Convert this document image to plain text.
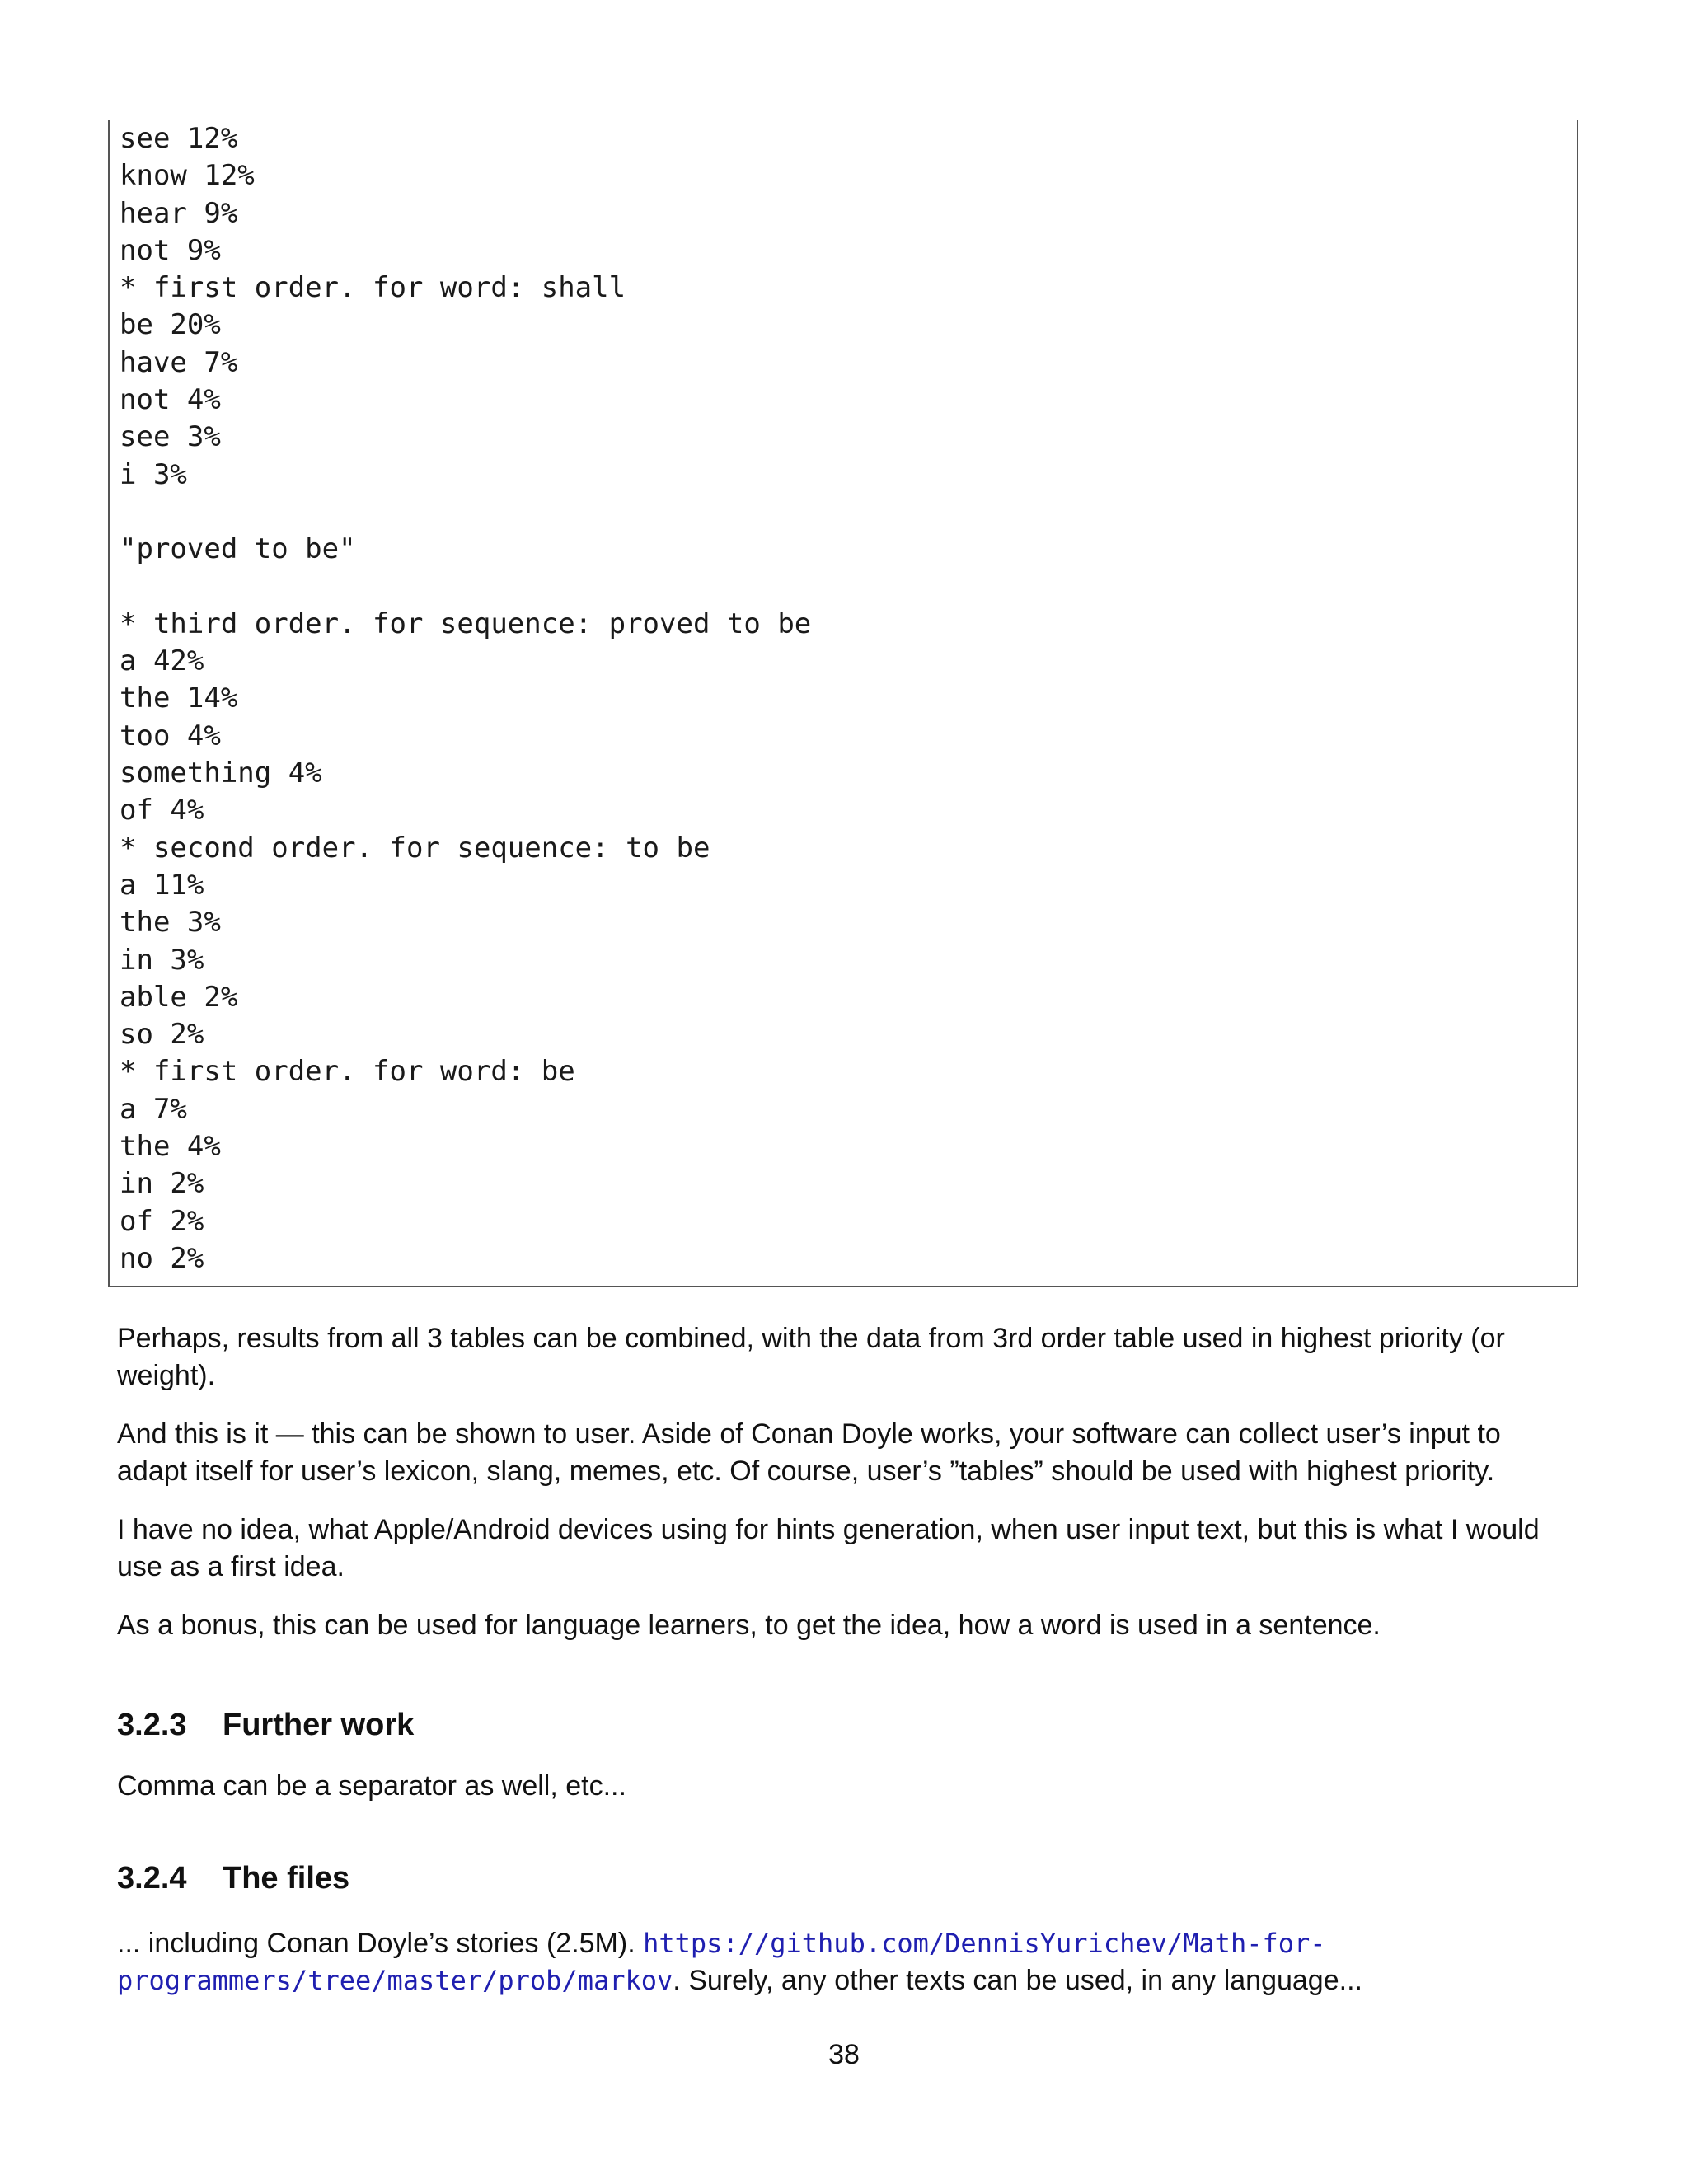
see 12%
know 12%
hear 9%
not 9%
* first order. for word: shall
be 20%
have 7%
not 4%
see 3%
i 3%
"proved to be"
* third order. for sequence: proved to be
a 42%
the 14%
too 4%
something 4%
of 4%
* second order. for sequence: to be
a 11%
the 3%
in 3%
able 2%
so 2%
* first order. for word: be
a 7%
the 4%
in 2%
of 2%
no 2%
Perhaps, results from all 3 tables can be combined, with the data from 3rd order table used in highest priority (or weight).
And this is it — this can be shown to user. Aside of Conan Doyle works, your software can collect user’s input to adapt itself for user’s lexicon, slang, memes, etc. Of course, user’s ”tables” should be used with highest priority.
I have no idea, what Apple/Android devices using for hints generation, when user input text, but this is what I would use as a first idea.
As a bonus, this can be used for language learners, to get the idea, how a word is used in a sentence.
3.2.3 Further work
Comma can be a separator as well, etc...
3.2.4 The files
... including Conan Doyle’s stories (2.5M). https://github.com/DennisYurichev/Math-for-programmers/tree/master/prob/markov. Surely, any other texts can be used, in any language...
38
